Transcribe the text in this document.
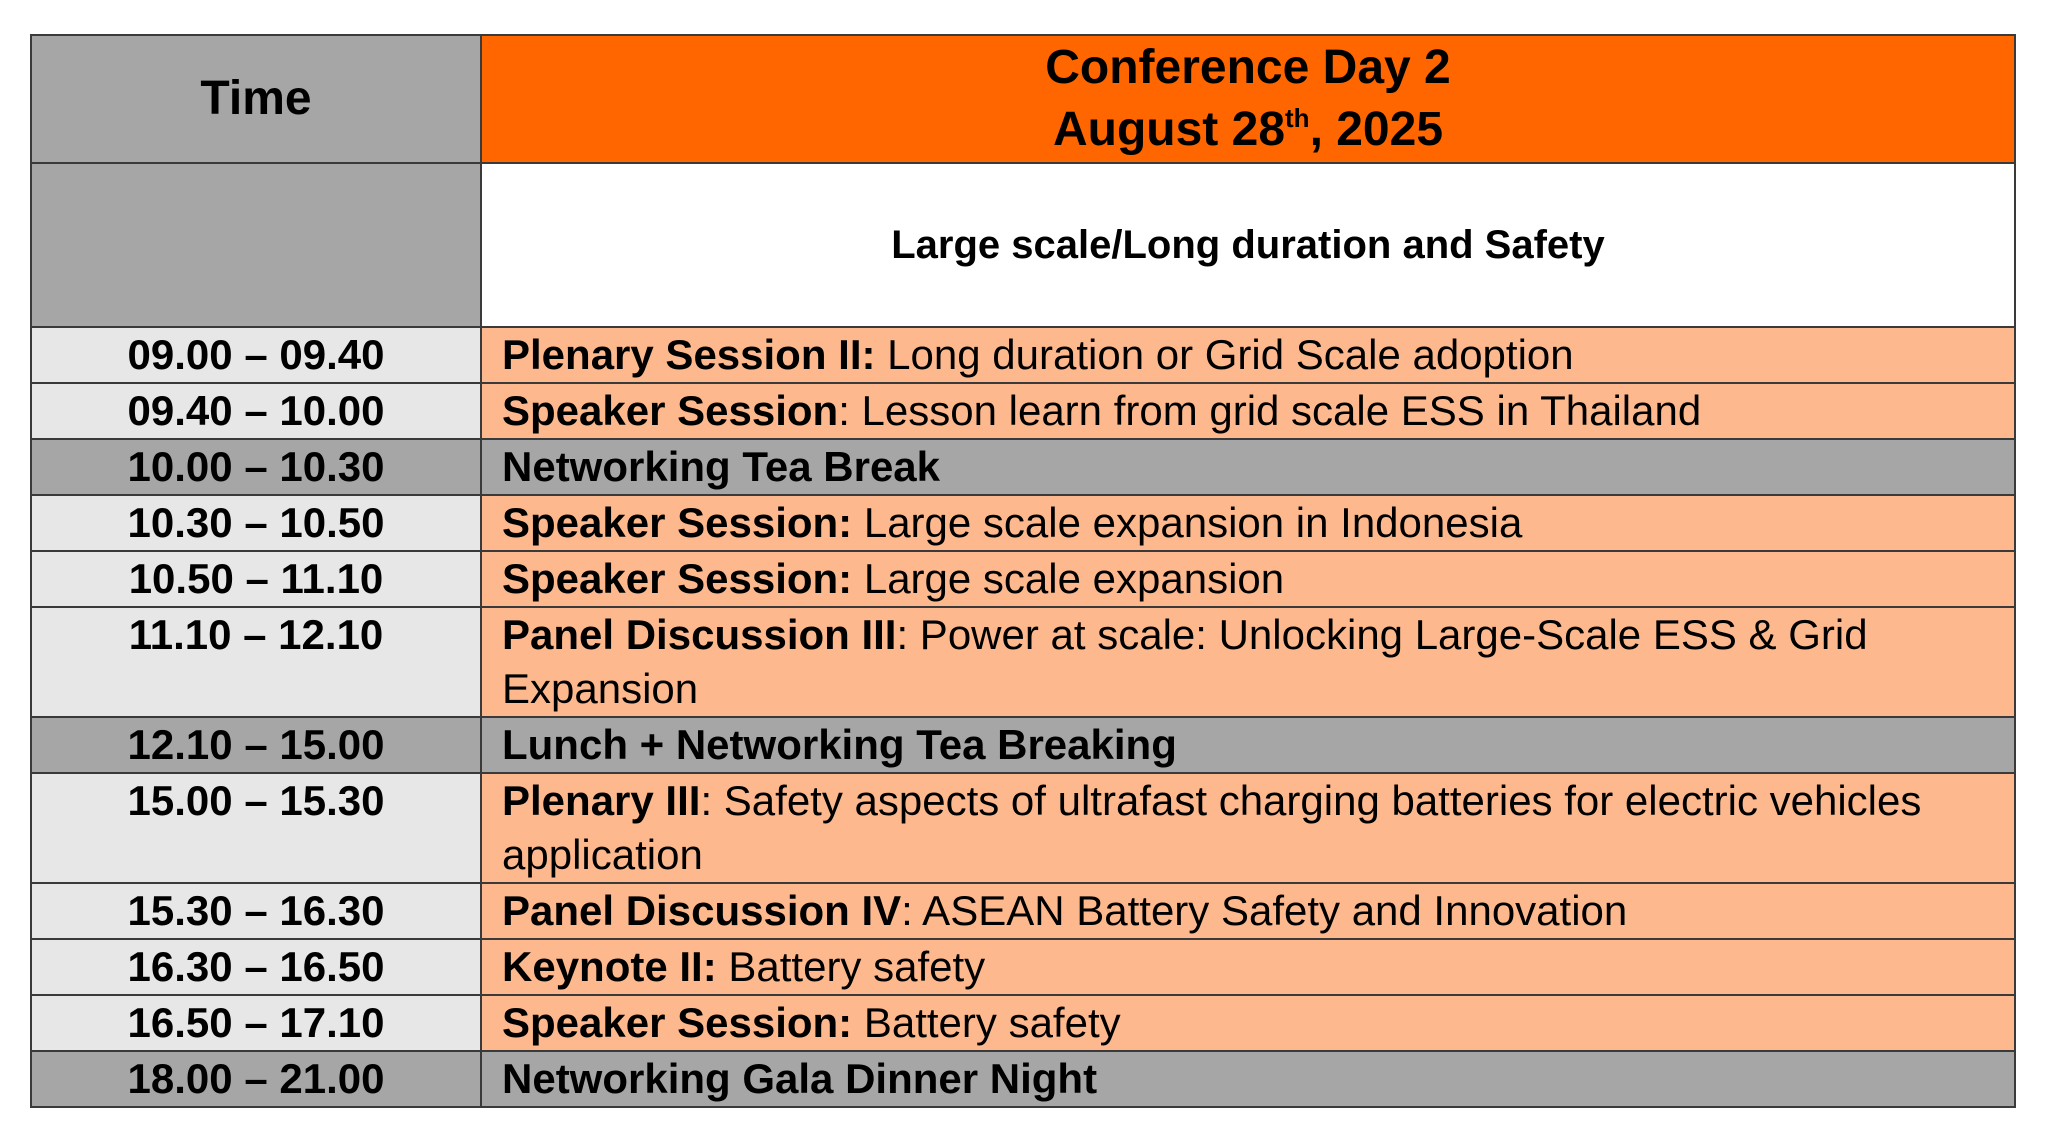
Time	Conference Day 2
August 28th, 2025
	Large scale/Long duration and Safety
09.00 – 09.40	Plenary Session II: Long duration or Grid Scale adoption
09.40 – 10.00	Speaker Session: Lesson learn from grid scale ESS in Thailand
10.00 – 10.30	Networking Tea Break
10.30 – 10.50	Speaker Session: Large scale expansion in Indonesia
10.50 – 11.10	Speaker Session: Large scale expansion
11.10 – 12.10	Panel Discussion III: Power at scale: Unlocking Large-Scale ESS & Grid Expansion
12.10 – 15.00	Lunch + Networking Tea Breaking
15.00 – 15.30	Plenary III: Safety aspects of ultrafast charging batteries for electric vehicles application
15.30 – 16.30	Panel Discussion IV: ASEAN Battery Safety and Innovation
16.30 – 16.50	Keynote II: Battery safety
16.50 – 17.10	Speaker Session: Battery safety
18.00 – 21.00	Networking Gala Dinner Night
